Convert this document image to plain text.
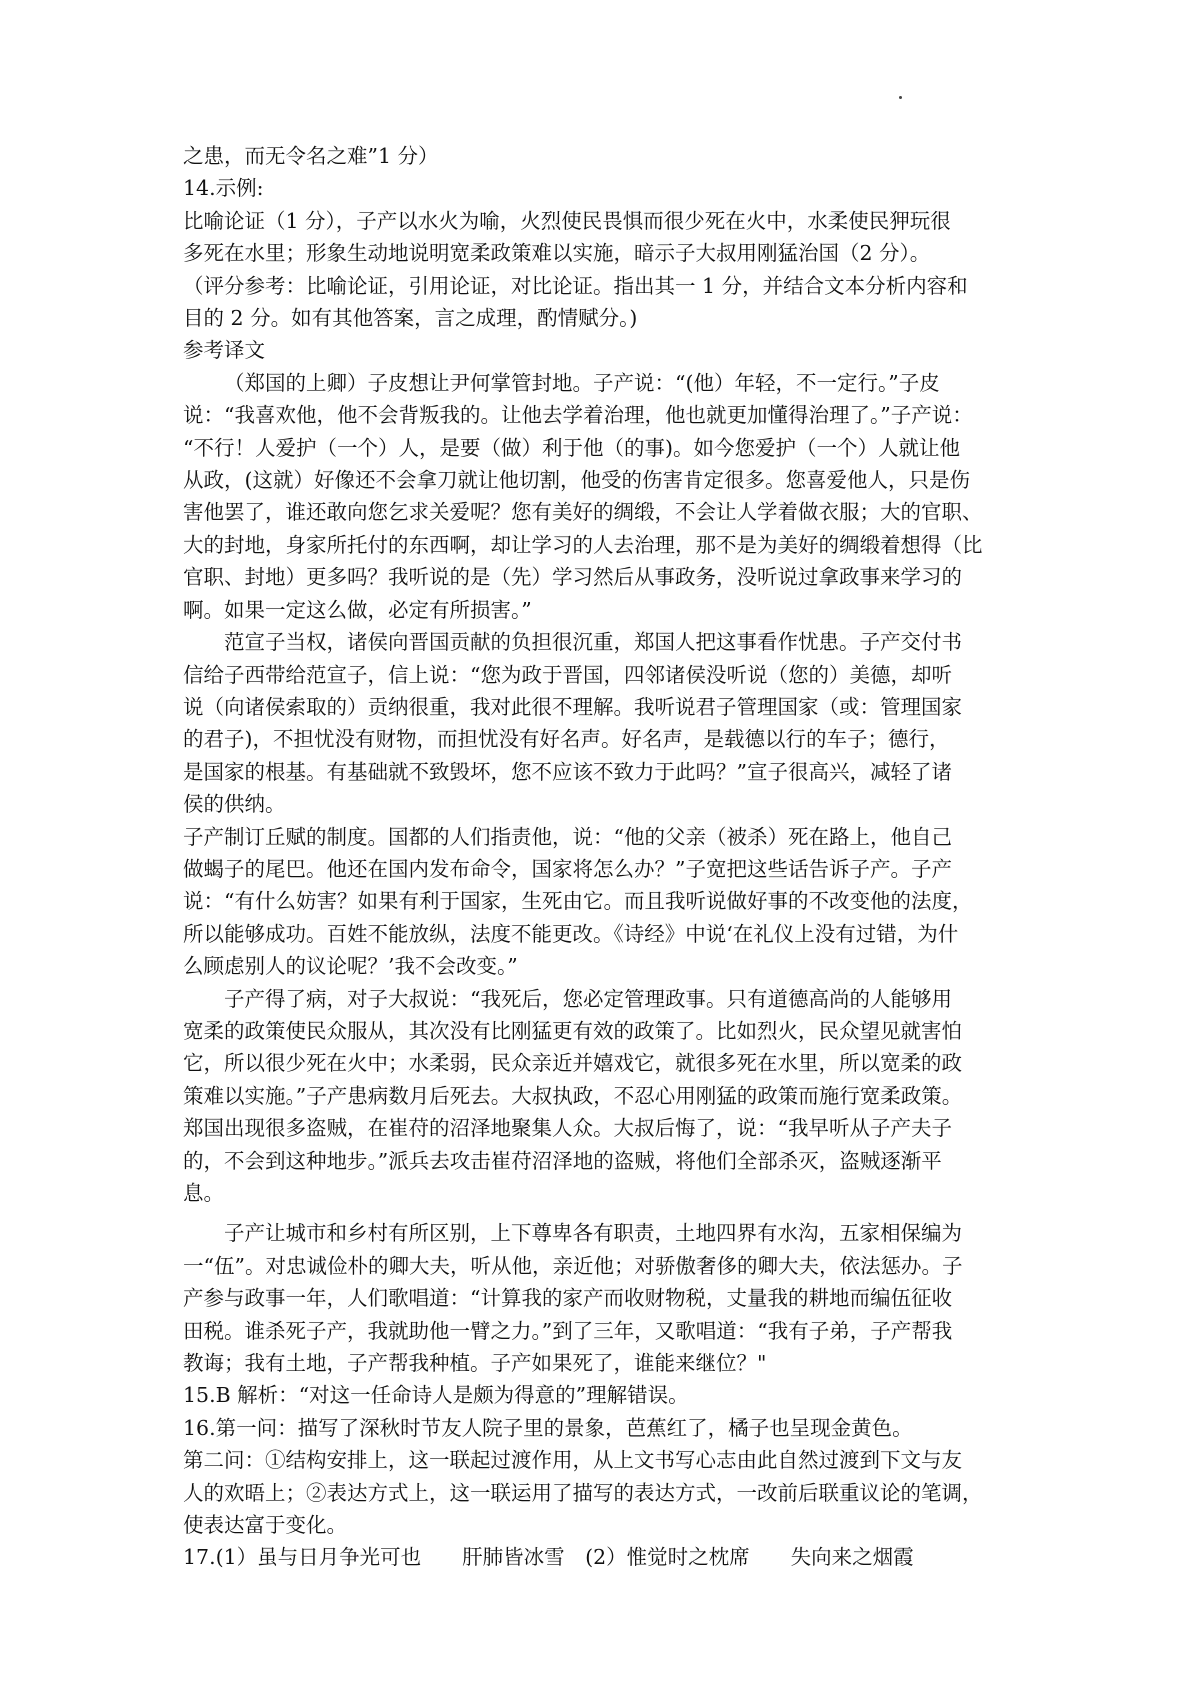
之患，而无令名之难”1 分）
14.示例:
比喻论证（1 分），子产以水火为喻，火烈使民畏惧而很少死在火中，水柔使民狎玩很
多死在水里；形象生动地说明宽柔政策难以实施，暗示子大叔用刚猛治国（2 分）。
（评分参考：比喻论证，引用论证，对比论证。指出其一 1 分，并结合文本分析内容和
目的 2 分。如有其他答案，言之成理，酌情赋分。)
参考译文

（郑国的上卿）子皮想让尹何掌管封地。子产说：“(他）年轻，不一定行。”子皮
说：“我喜欢他，他不会背叛我的。让他去学着治理，他也就更加懂得治理了。”子产说：
“不行！人爱护（一个）人，是要（做）利于他（的事)。如今您爱护（一个）人就让他
从政，(这就）好像还不会拿刀就让他切割，他受的伤害肯定很多。您喜爱他人，只是伤
害他罢了，谁还敢向您乞求关爱呢？您有美好的绸缎，不会让人学着做衣服；大的官职、
大的封地，身家所托付的东西啊，却让学习的人去治理，那不是为美好的绸缎着想得（比
官职、封地）更多吗？我听说的是（先）学习然后从事政务，没听说过拿政事来学习的
啊。如果一定这么做，必定有所损害。”

范宣子当权，诸侯向晋国贡献的负担很沉重，郑国人把这事看作忧患。子产交付书
信给子西带给范宣子，信上说：“您为政于晋国，四邻诸侯没听说（您的）美德，却听
说（向诸侯索取的）贡纳很重，我对此很不理解。我听说君子管理国家（或：管理国家
的君子)，不担忧没有财物，而担忧没有好名声。好名声，是载德以行的车子；德行，
是国家的根基。有基础就不致毁坏，您不应该不致力于此吗？”宣子很高兴，减轻了诸
侯的供纳。

子产制订丘赋的制度。国都的人们指责他，说：“他的父亲（被杀）死在路上，他自己
做蝎子的尾巴。他还在国内发布命令，国家将怎么办？”子宽把这些话告诉子产。子产
说：“有什么妨害？如果有利于国家，生死由它。而且我听说做好事的不改变他的法度，
所以能够成功。百姓不能放纵，法度不能更改。《诗经》中说‘在礼仪上没有过错，为什
么顾虑别人的议论呢？’我不会改变。”

子产得了病，对子大叔说：“我死后，您必定管理政事。只有道德高尚的人能够用
宽柔的政策使民众服从，其次没有比刚猛更有效的政策了。比如烈火，民众望见就害怕
它，所以很少死在火中；水柔弱，民众亲近并嬉戏它，就很多死在水里，所以宽柔的政
策难以实施。”子产患病数月后死去。大叔执政，不忍心用刚猛的政策而施行宽柔政策。
郑国出现很多盗贼，在崔苻的沼泽地聚集人众。大叔后悔了，说：“我早听从子产夫子
的，不会到这种地步。”派兵去攻击崔苻沼泽地的盗贼，将他们全部杀灭，盗贼逐渐平
息。

子产让城市和乡村有所区别，上下尊卑各有职责，土地四界有水沟，五家相保编为
一“伍”。对忠诚俭朴的卿大夫，听从他，亲近他；对骄傲奢侈的卿大夫，依法惩办。子
产参与政事一年，人们歌唱道：“计算我的家产而收财物税，丈量我的耕地而编伍征收
田税。谁杀死子产，我就助他一臂之力。”到了三年，又歌唱道：“我有子弟，子产帮我
教诲；我有土地，子产帮我种植。子产如果死了，谁能来继位？"

15.B 解析：“对这一任命诗人是颇为得意的”理解错误。
16.第一问：描写了深秋时节友人院子里的景象，芭蕉红了，橘子也呈现金黄色。
第二问：①结构安排上，这一联起过渡作用，从上文书写心志由此自然过渡到下文与友
人的欢晤上；②表达方式上，这一联运用了描写的表达方式，一改前后联重议论的笔调，
使表达富于变化。
17.(1）虽与日月争光可也　　肝肺皆冰雪　(2）惟觉时之枕席　　失向来之烟霞
